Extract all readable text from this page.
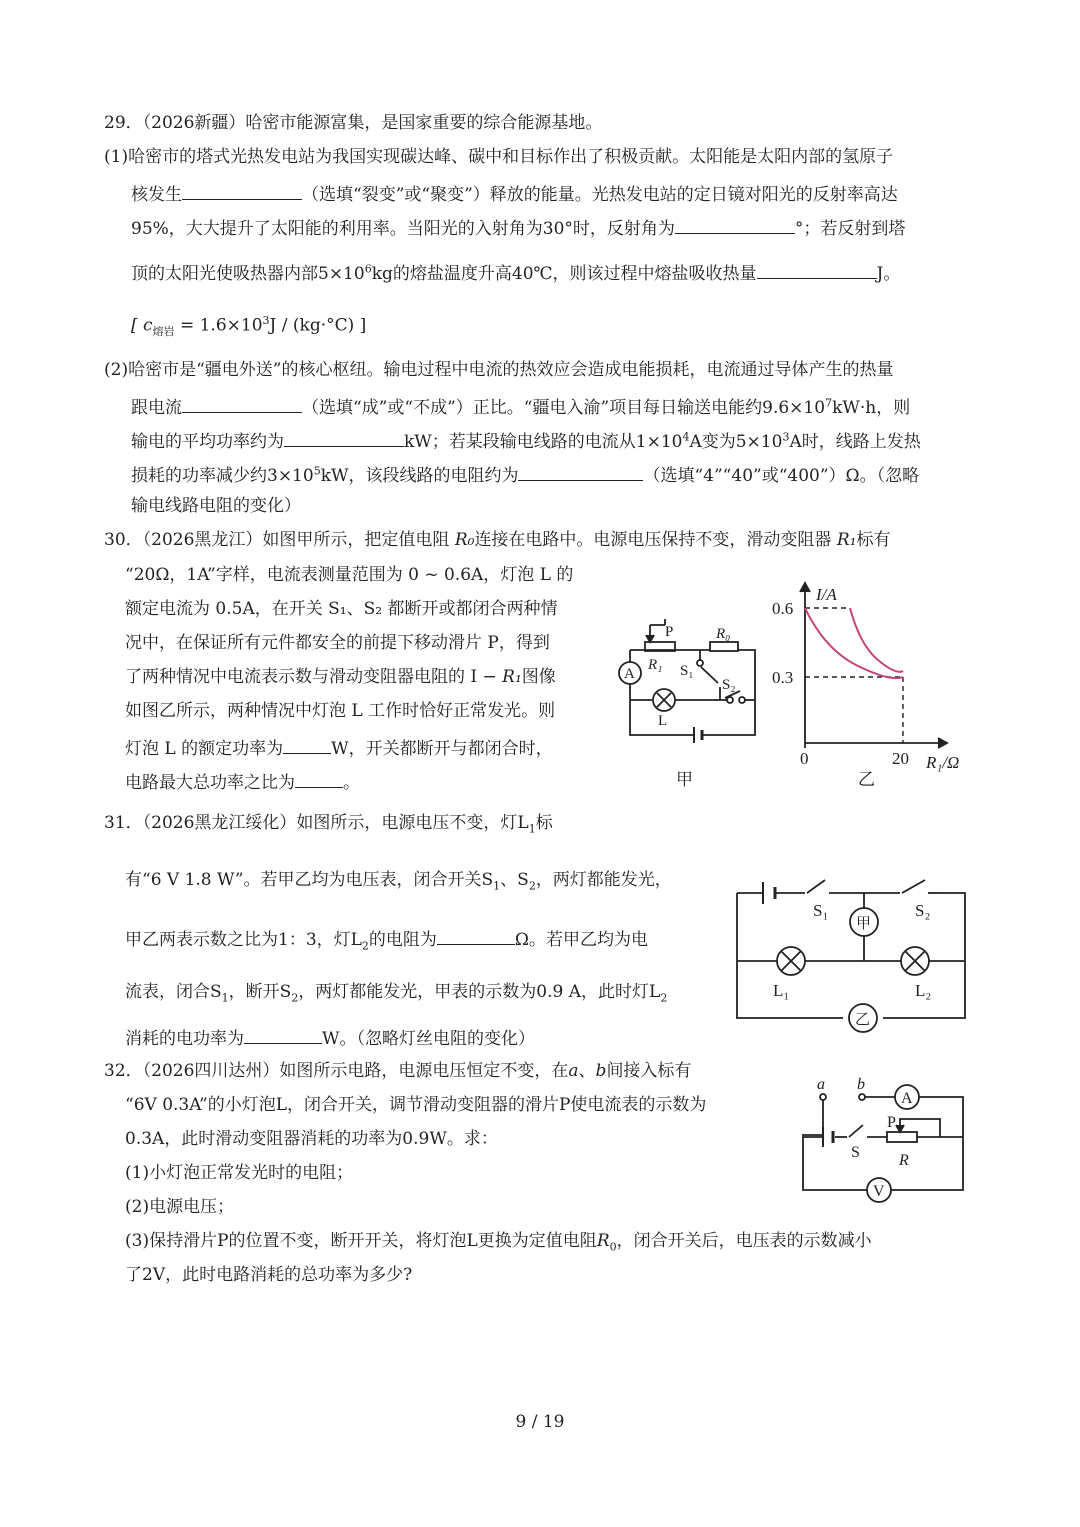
29．（2026新疆）哈密市能源富集，是国家重要的综合能源基地。
(1)哈密市的塔式光热发电站为我国实现碳达峰、碳中和目标作出了积极贡献。太阳能是太阳内部的氢原子
核发生	（选填“裂变”或“聚变”）释放的能量。光热发电站的定日镜对阳光的反射率高达
95%，大大提升了太阳能的利用率。当阳光的入射角为30°时，反射角为	°；若反射到塔
顶的太阳光使吸热器内部$5\times 10^6kg$的熔盐温度升高40℃，则该过程中熔盐吸收热量	J。
[ $c_{熔岩} = 1.6\times 10^3J / (kg\cdot^\circ C)$ ]
(2)哈密市是“疆电外送”的核心枢纽。输电过程中电流的热效应会造成电能损耗，电流通过导体产生的热量
跟电流	（选填“成”或“不成”）正比。“疆电入渝”项目每日输送电能约$9.6\times 10^7kW\cdot h$，则
输电的平均功率约为	kW；若某段输电线路的电流从$1\times 10^4A$变为$5\times 10^3A$时，线路上发热
损耗的功率减少约$3\times 10^5kW$，该段线路的电阻约为	（选填“4”“40”或“400”）Ω。（忽略
输电线路电阻的变化）
30．（2026黑龙江）如图甲所示，把定值电阻 R₀连接在电路中。电源电压保持不变，滑动变阻器 R₁标有
“20Ω，1A”字样，电流表测量范围为 0 ~ 0.6A，灯泡 L 的
额定电流为 0.5A，在开关 S₁、S₂ 都断开或都闭合两种情
况中，在保证所有元件都安全的前提下移动滑片 P，得到
了两种情况中电流表示数与滑动变阻器电阻的 I − R₁图像
如图乙所示，两种情况中灯泡 L 工作时恰好正常发光。则
灯泡 L 的额定功率为	W，开关都断开与都闭合时，
电路最大总功率之比为	。
P
R₁
R₀
S₁
S₂
A
L
甲
I/A
0.6
0.3
0	20 R₁/Ω
乙
31．（2026黑龙江绥化）如图所示，电源电压不变，灯$L_1$标
有“6 V 1.8 W”。若甲乙均为电压表，闭合开关$S_1$、$S_2$，两灯都能发光，
甲乙两表示数之比为1：3，灯$L_2$的电阻为	Ω。若甲乙均为电
流表，闭合$S_1$，断开$S_2$，两灯都能发光，甲表的示数为0.9 A，此时灯$L_2$
消耗的电功率为	W。（忽略灯丝电阻的变化）
S₁	S₂
甲
乙
L₁	L₂
32．（2026四川达州）如图所示电路，电源电压恒定不变，在a、b间接入标有
“6V 0.3A”的小灯泡L，闭合开关，调节滑动变阻器的滑片P使电流表的示数为
0.3A，此时滑动变阻器消耗的功率为0.9W。求：
(1)小灯泡正常发光时的电阻；
(2)电源电压；
(3)保持滑片P的位置不变，断开开关，将灯泡L更换为定值电阻$R_0$，闭合开关后，电压表的示数减小
了2V，此时电路消耗的总功率为多少?
a b
A
V
S
P
R
9 / 19
